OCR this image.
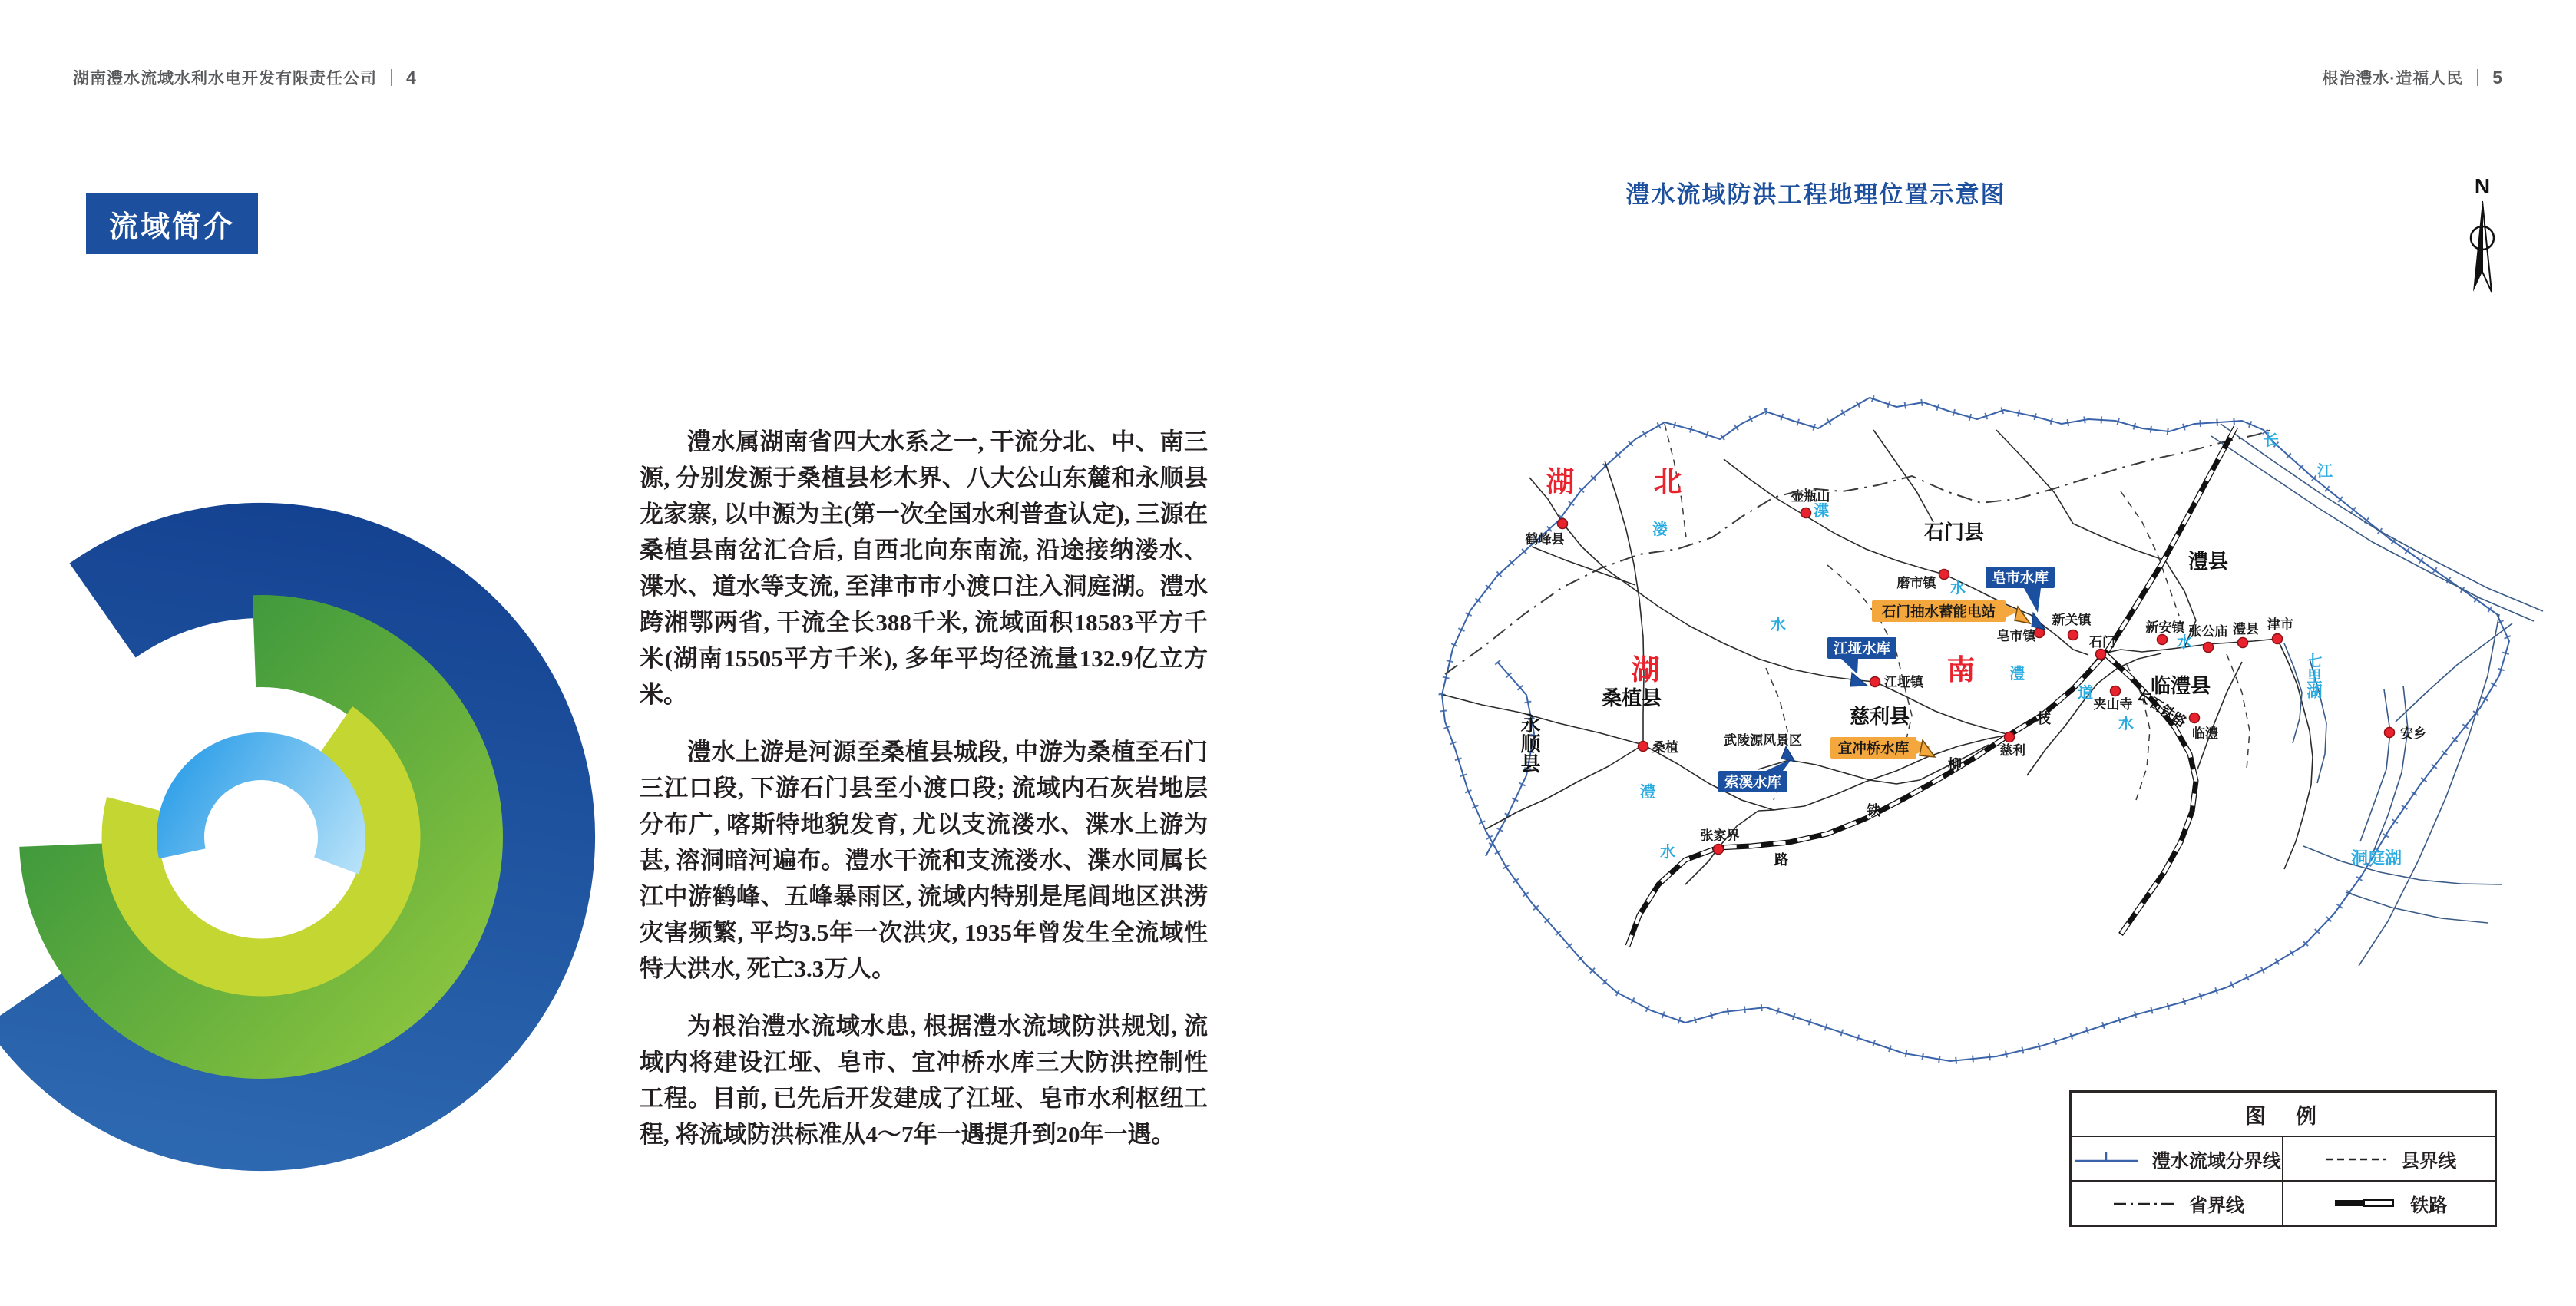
湖南澧水流域水利水电开发有限责任公司 4	根治澧水·造福人民 5
流域简介

澧水属湖南省四大水系之一, 干流分北、中、南三源, 分别发源于桑植县杉木界、八大公山东麓和永顺县龙家寨, 以中源为主(第一次全国水利普查认定), 三源在桑植县南岔汇合后, 自西北向东南流, 沿途接纳溇水、渫水、道水等支流, 至津市市小渡口注入洞庭湖。澧水跨湘鄂两省, 干流全长388千米, 流域面积18583平方千米(湖南15505平方千米), 多年平均径流量132.9亿立方米。

澧水上游是河源至桑植县城段, 中游为桑植至石门三江口段, 下游石门县至小渡口段; 流域内石灰岩地层分布广, 喀斯特地貌发育, 尤以支流溇水、渫水上游为甚, 溶洞暗河遍布。澧水干流和支流溇水、渫水同属长江中游鹤峰、五峰暴雨区, 流域内特别是尾闾地区洪涝灾害频繁, 平均3.5年一次洪灾, 1935年曾发生全流域性特大洪水, 死亡3.3万人。

为根治澧水流域水患, 根据澧水流域防洪规划, 流域内将建设江垭、皂市、宜冲桥水库三大防洪控制性工程。目前, 已先后开发建成了江垭、皂市水利枢纽工程, 将流域防洪标准从4～7年一遇提升到20年一遇。

澧水流域防洪工程地理位置示意图	N
湖	北
湖	南
石门县
澧县
临澧县
慈利县
桑植县
永顺县
鹤峰县
壶瓶山
磨市镇
皂市镇
新关镇
石门
新安镇 张公庙 澧县 津市
江垭镇
夹山寺
临澧
慈利
桑植
张家界
安乡
武陵源风景区
溇
水
渫
水
澧
水
澧
水
道
水
长
江
七里湖
洞庭湖
枝
柳
铁
路
长石铁路
皂市水库
江垭水库
索溪水库
宜冲桥水库
石门抽水蓄能电站
图　例
澧水流域分界线	县界线
省界线	铁路
